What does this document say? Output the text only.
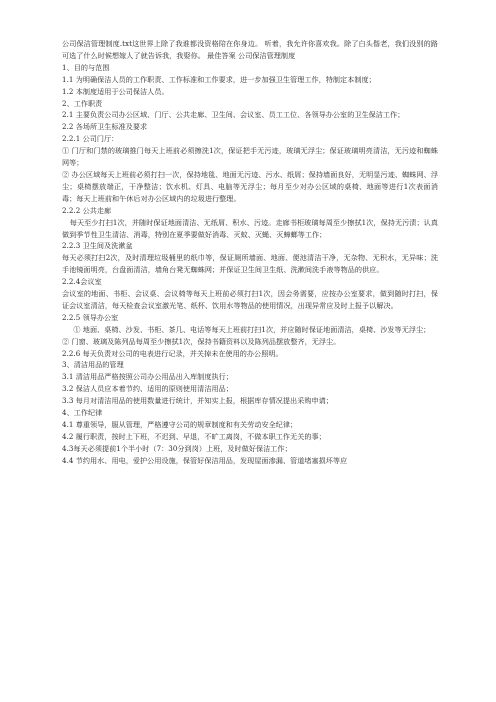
公司保洁管理制度.txt这世界上除了我谁都没资格陪在你身边。 听着，我允许你喜欢我。除了白头偕老，我们没别的路可选了什么时候想嫁人了就告诉我，我娶你。 最佳答案 公司保洁管理制度

1、目的与范围

1.1 为明确保洁人员的工作职责、工作标准和工作要求，进一步加强卫生管理工作，特制定本制度；

1.2 本制度适用于公司保洁人员。

2、工作职责

2.1 主要负责公司办公区域、门厅、公共走廊、卫生间、会议室、员工工位、各领导办公室的卫生保洁工作；

2.2 各场所卫生标准及要求

2.2.1 公司门厅：

① 门厅和门禁的玻璃推门每天上班前必须擦洗1次，保证把手无污迹，玻璃无浮尘；保证玻璃明亮清洁，无污迹和蜘蛛网等；

② 办公区域每天上班前必须打扫一次，保持地毯、地面无污迹、污水、纸屑；保持墙面良好，无明显污迹、蜘蛛网、浮尘；桌椅摆放端正，干净整洁；饮水机、灯具、电脑等无浮尘；每月至少对办公区域的桌椅、地面等进行1次表面消毒；每天上班前和午休后对办公区域内的垃圾进行整理。

2.2.2 公共走廊

每天至少打扫1次，并随时保证地面清洁、无纸屑、积水、污迹。走廊书柜玻璃每周至少擦拭1次，保持无污渍；认真做到季节性卫生清洁、消毒，特别在夏季要做好消毒、灭蚊、灭蝇、灭蟑螂等工作；

2.2.3 卫生间及洗漱盆

每天必须打扫2次，及时清理垃圾桶里的纸巾等，保证厕所墙面、地面、便池清洁干净，无杂物、无积水，无异味；洗手池镜面明亮，台盘面清洁，墙角台凳无蜘蛛网；并保证卫生间卫生纸、洗漱间洗手液等物品的供应。

2.2.4会议室

会议室的地面、书柜、会议桌、会议椅等每天上班前必须打扫1次，因会务需要，应按办公室要求，做到随时打扫，保证会议室清洁，每天检查会议室激光笔、纸杯、饮用水等物品的使用情况，出现异常应及时上报予以解决。

2.2.5 领导办公室

① 地面、桌椅、沙发、书柜、茶几、电话等每天上班前打扫1次，并应随时保证地面清洁，桌椅、沙发等无浮尘；

② 门窗、玻璃及陈列品每周至少擦拭1次，保持书籍资料以及陈列品摆放整齐，无浮尘。

2.2.6 每天负责对公司的电表进行记录，并关掉未在使用的办公照明。

3、清洁用品的管理

3.1 清洁用品严格按照公司办公用品出入库制度执行；

3.2 保洁人员应本着节约、适用的原则使用清洁用品；

3.3 每月对清洁用品的使用数量进行统计，并知实上报，根据库存情况提出采购申请；

4、工作纪律

4.1 尊重领导，服从管理，严格遵守公司的规章制度和有关劳动安全纪律；

4.2 履行职责，按时上下班，不迟到、早退，不旷工离岗，不做本职工作无关的事；

4.3每天必须提前1个半小时（7：30分到岗）上班，及时做好保洁工作；

4.4 节约用水、用电，爱护公用设施，保管好保洁用品，发现屋面渗漏、管道堵塞损坏等应
